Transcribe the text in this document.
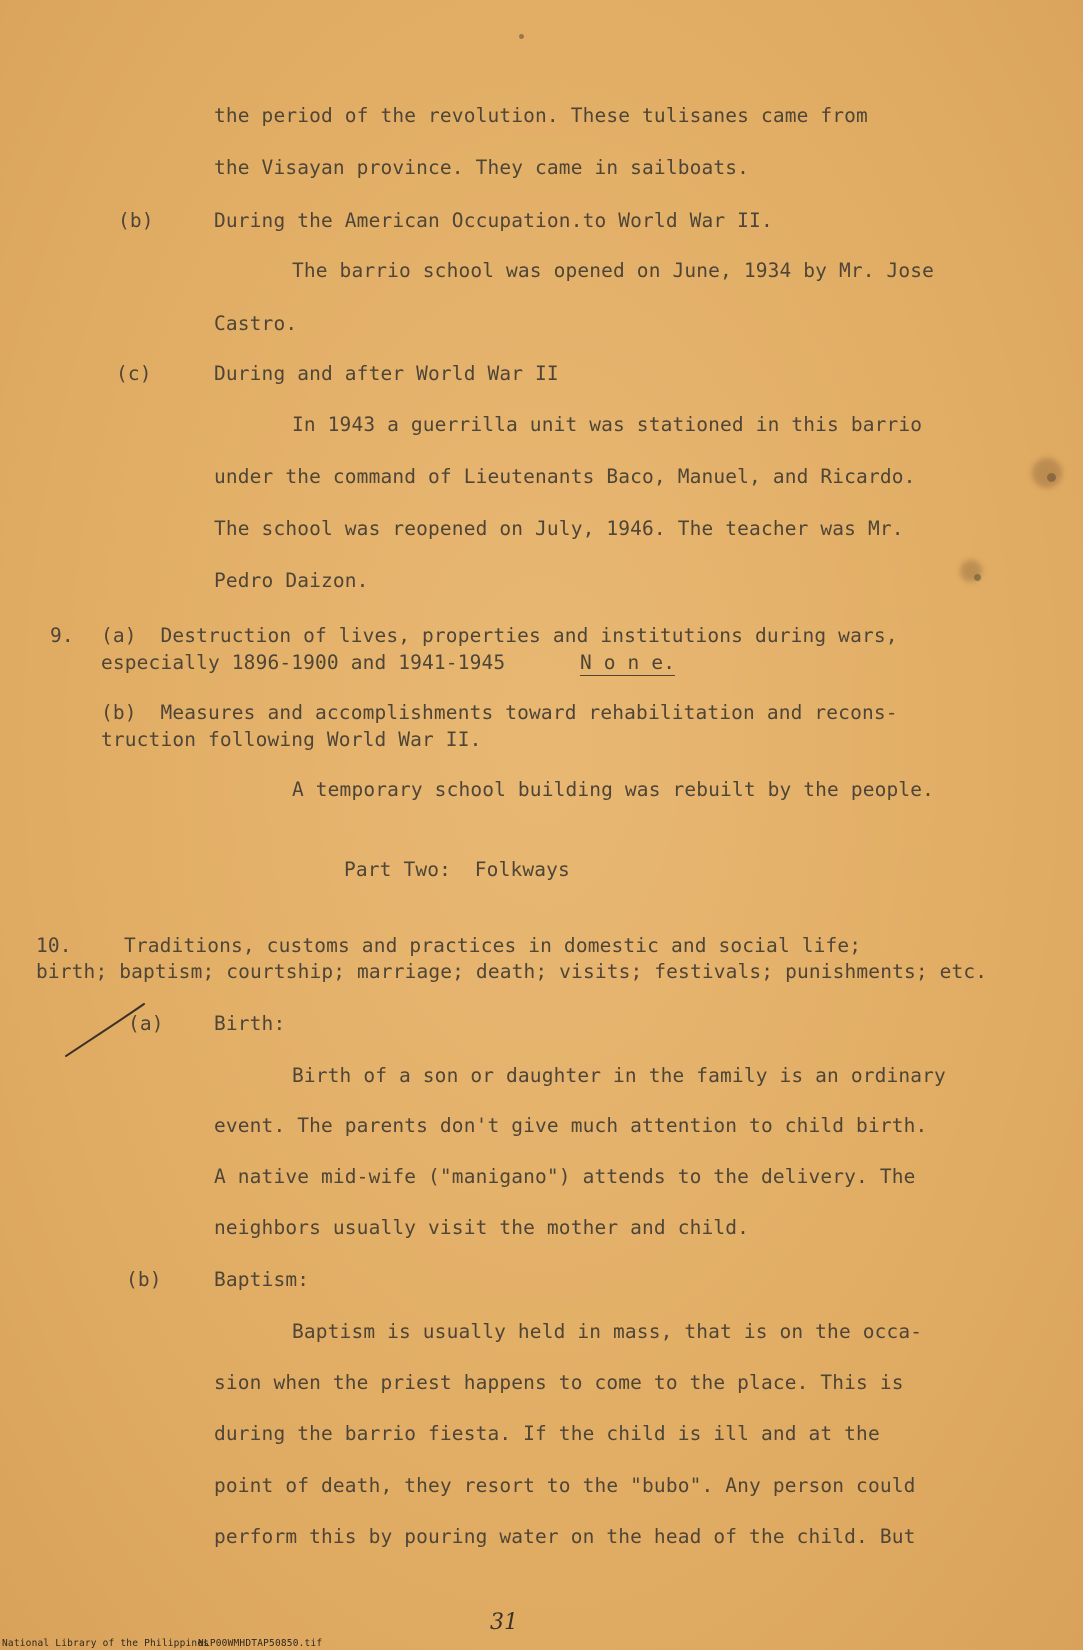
the period of the revolution. These tulisanes came from
the Visayan province. They came in sailboats.
(b)	During the American Occupation.to World War II.
The barrio school was opened on June, 1934 by Mr. Jose
Castro.
(c)	During and after World War II
In 1943 a guerrilla unit was stationed in this barrio
under the command of Lieutenants Baco, Manuel, and Ricardo.
The school was reopened on July, 1946. The teacher was Mr.
Pedro Daizon.
9. (a)  Destruction of lives, properties and institutions during wars,
especially 1896-1900 and 1941-1945	N o n e.
(b)  Measures and accomplishments toward rehabilitation and recons-
truction following World War II.
A temporary school building was rebuilt by the people.
Part Two:  Folkways
10.	Traditions, customs and practices in domestic and social life;
birth; baptism; courtship; marriage; death; visits; festivals; punishments; etc.
(a)	Birth:
Birth of a son or daughter in the family is an ordinary
event. The parents don't give much attention to child birth.
A native mid-wife ("manigano") attends to the delivery. The
neighbors usually visit the mother and child.
(b)	Baptism:
Baptism is usually held in mass, that is on the occa-
sion when the priest happens to come to the place. This is
during the barrio fiesta. If the child is ill and at the
point of death, they resort to the "bubo". Any person could
perform this by pouring water on the head of the child. But
31
National Library of the Philippines
NLP00WMHDTAP50850.tif
